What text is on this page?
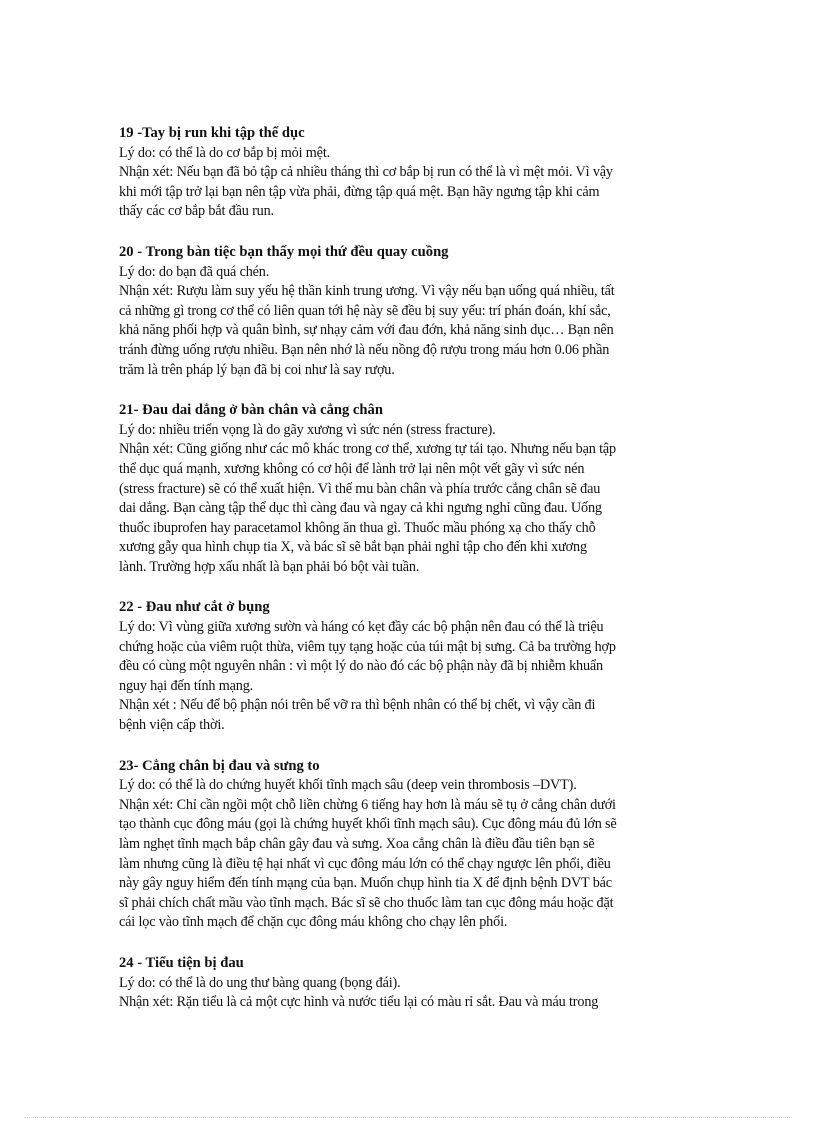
19 -Tay bị run khi tập thể dục
Lý do: có thể là do cơ bắp bị mỏi mệt.
Nhận xét: Nếu bạn đã bỏ tập cả nhiều tháng thì cơ bắp bị run có thể là vì mệt mỏi. Vì vậy
khi mới tập trở lại bạn nên tập vừa phải, đừng tập quá mệt. Bạn hãy ngưng tập khi cảm
thấy các cơ bắp bắt đầu run.
20 - Trong bàn tiệc bạn thấy mọi thứ đều quay cuồng
Lý do: do bạn đã quá chén.
Nhận xét: Rượu làm suy yếu hệ thần kinh trung ương. Vì vậy nếu bạn uống quá nhiều, tất
cả những gì trong cơ thể có liên quan tới hệ này sẽ đều bị suy yếu: trí phán đoán, khí sắc,
khả năng phối hợp và quân bình, sự nhạy cảm với đau đớn, khả năng sinh dục… Bạn nên
tránh đừng uống rượu nhiều. Bạn nên nhớ là nếu nồng độ rượu trong máu hơn 0.06 phần
trăm là trên pháp lý bạn đã bị coi như là say rượu.
21- Đau dai dẳng ở bàn chân và cẳng chân
Lý do: nhiều triển vọng là do gãy xương vì sức nén (stress fracture).
Nhận xét: Cũng giống như các mô khác trong cơ thể, xương tự tái tạo. Nhưng nếu bạn tập
thể dục quá mạnh, xương không có cơ hội để lành trở lại nên một vết gãy vì sức nén
(stress fracture) sẽ có thể xuất hiện. Vì thế mu bàn chân và phía trước cẳng chân sẽ đau
dai dẳng. Bạn càng tập thể dục thì càng đau và ngay cả khi ngưng nghỉ cũng đau. Uống
thuốc ibuprofen hay paracetamol không ăn thua gì. Thuốc mầu phóng xạ cho thấy chỗ
xương gẫy qua hình chụp tia X, và bác sĩ sẽ bắt bạn phải nghỉ tập cho đến khi xương
lành. Trường hợp xấu nhất là bạn phải bó bột vài tuần.
22 - Đau như cắt ở bụng
Lý do: Vì vùng giữa xương sườn và háng có kẹt đầy các bộ phận nên đau có thể là triệu
chứng hoặc của viêm ruột thừa, viêm tụy tạng hoặc của túi mật bị sưng. Cả ba trường hợp
đều có cùng một nguyên nhân : vì một lý do nào đó các bộ phận này đã bị nhiễm khuẩn
nguy hại đến tính mạng.
Nhận xét : Nếu để bộ phận nói trên bể vỡ ra thì bệnh nhân có thể bị chết, vì vậy cần đi
bệnh viện cấp thời.
23- Cẳng chân bị đau và sưng to
Lý do: có thể là do chứng huyết khối tĩnh mạch sâu (deep vein thrombosis –DVT).
Nhận xét: Chỉ cần ngồi một chỗ liền chừng 6 tiếng hay hơn là máu sẽ tụ ở cẳng chân dưới
tạo thành cục đông máu (gọi là chứng huyết khối tĩnh mạch sâu). Cục đông máu đủ lớn sẽ
làm nghẹt tĩnh mạch bắp chân gây đau và sưng. Xoa cẳng chân là điều đầu tiên bạn sẽ
làm nhưng cũng là điều tệ hại nhất vì cục đông máu lớn có thể chạy ngược lên phổi, điều
này gây nguy hiểm đến tính mạng của bạn. Muốn chụp hình tia X để định bệnh DVT bác
sĩ phải chích chất mầu vào tĩnh mạch. Bác sĩ sẽ cho thuốc làm tan cục đông máu hoặc đặt
cái lọc vào tĩnh mạch để chặn cục đông máu không cho chạy lên phổi.
24 - Tiểu tiện bị đau
Lý do: có thể là do ung thư bàng quang (bọng đái).
Nhận xét: Rặn tiểu là cả một cực hình và nước tiểu lại có màu rỉ sắt. Đau và máu trong
